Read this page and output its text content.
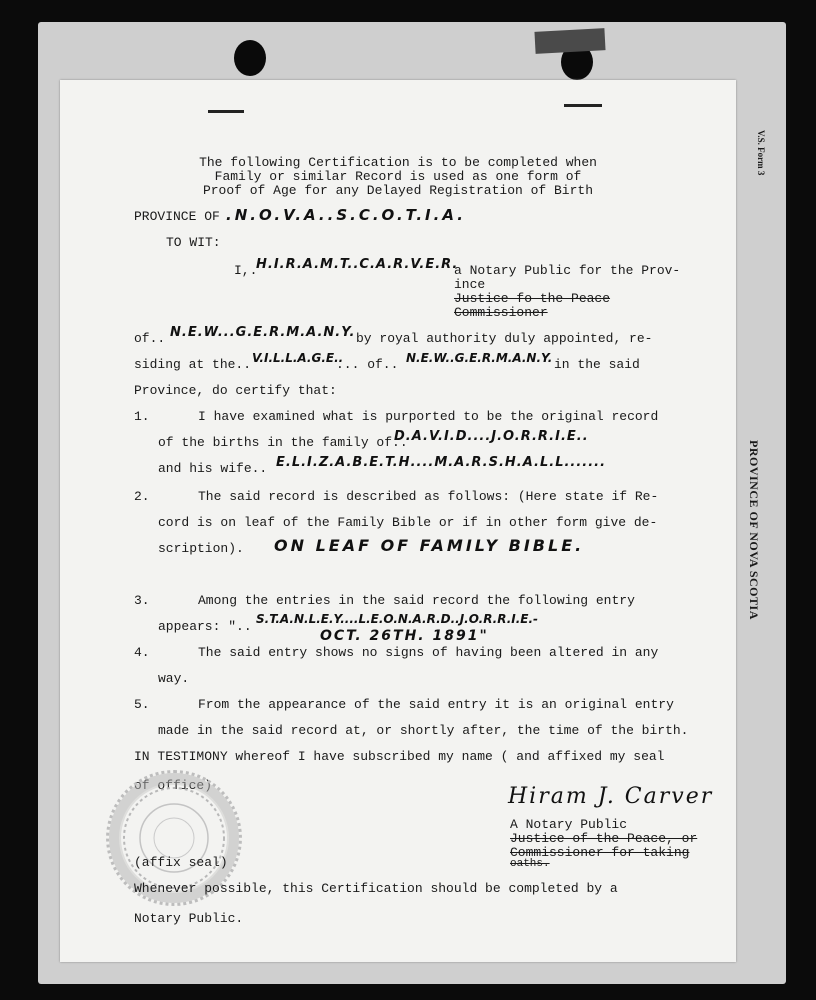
V.S. Form 3
PROVINCE OF NOVA SCOTIA
The following Certification is to be completed when
Family or similar Record is used as one form of
Proof of Age for any Delayed Registration of Birth
PROVINCE OF .N.O.V.A..S.C.O.T.I.A.
TO WIT:
I,.
H.I.R.A.M.T..C.A.R.V.E.R.
a Notary Public for the Prov-
ince
Justice fo the Peace
Commissioner
of.. N.E.W...G.E.R.M.A.N.Y. by royal authority duly appointed, re-
siding at the.. V.I.L.L.A.G.E..
... of.. N.E.W..G.E.R.M.A.N.Y. in the said
Province, do certify that:
1.	I have examined what is purported to be the original record
of the births in the family of..
D.A.V.I.D....J.O.R.R.I.E..
and his wife.. E.L.I.Z.A.B.E.T.H....M.A.R.S.H.A.L.L.......
2.	The said record is described as follows: (Here state if Re-
cord is on leaf of the Family Bible or if in other form give de-
scription). ON LEAF OF FAMILY BIBLE.
3.	Among the entries in the said record the following entry
appears: ".. S.T.A.N.L.E.Y....L.E.O.N.A.R.D..J.O.R.R.I.E.-
OCT. 26TH. 1891"
4.	The said entry shows no signs of having been altered in any
way.
5.	From the appearance of the said entry it is an original entry
made in the said record at, or shortly after, the time of the birth.
IN TESTIMONY whereof I have subscribed my name ( and affixed my seal
of office)	Hiram J. Carver
A Notary Public
Justice of the Peace, or
Commissioner for taking
oaths.
(affix seal)
Whenever possible, this Certification should be completed by a
Notary Public.
